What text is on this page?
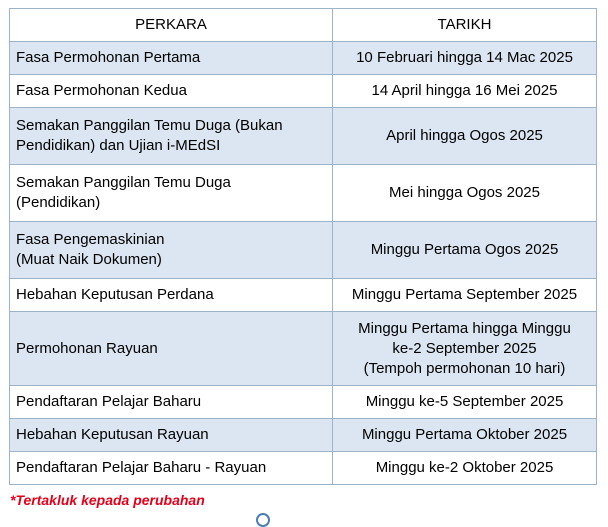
PERKARA	TARIKH
Fasa Permohonan Pertama	10 Februari hingga 14 Mac 2025
Fasa Permohonan Kedua	14 April hingga 16 Mei 2025
Semakan Panggilan Temu Duga (Bukan
Pendidikan) dan Ujian i-MEdSI	April hingga Ogos 2025
Semakan Panggilan Temu Duga
(Pendidikan)	Mei hingga Ogos 2025
Fasa Pengemaskinian
(Muat Naik Dokumen)	Minggu Pertama Ogos 2025
Hebahan Keputusan Perdana	Minggu Pertama September 2025
Permohonan Rayuan	Minggu Pertama hingga Minggu
ke-2 September 2025
(Tempoh permohonan 10 hari)
Pendaftaran Pelajar Baharu	Minggu ke-5 September 2025
Hebahan Keputusan Rayuan	Minggu Pertama Oktober 2025
Pendaftaran Pelajar Baharu - Rayuan	Minggu ke-2 Oktober 2025
*Tertakluk kepada perubahan
